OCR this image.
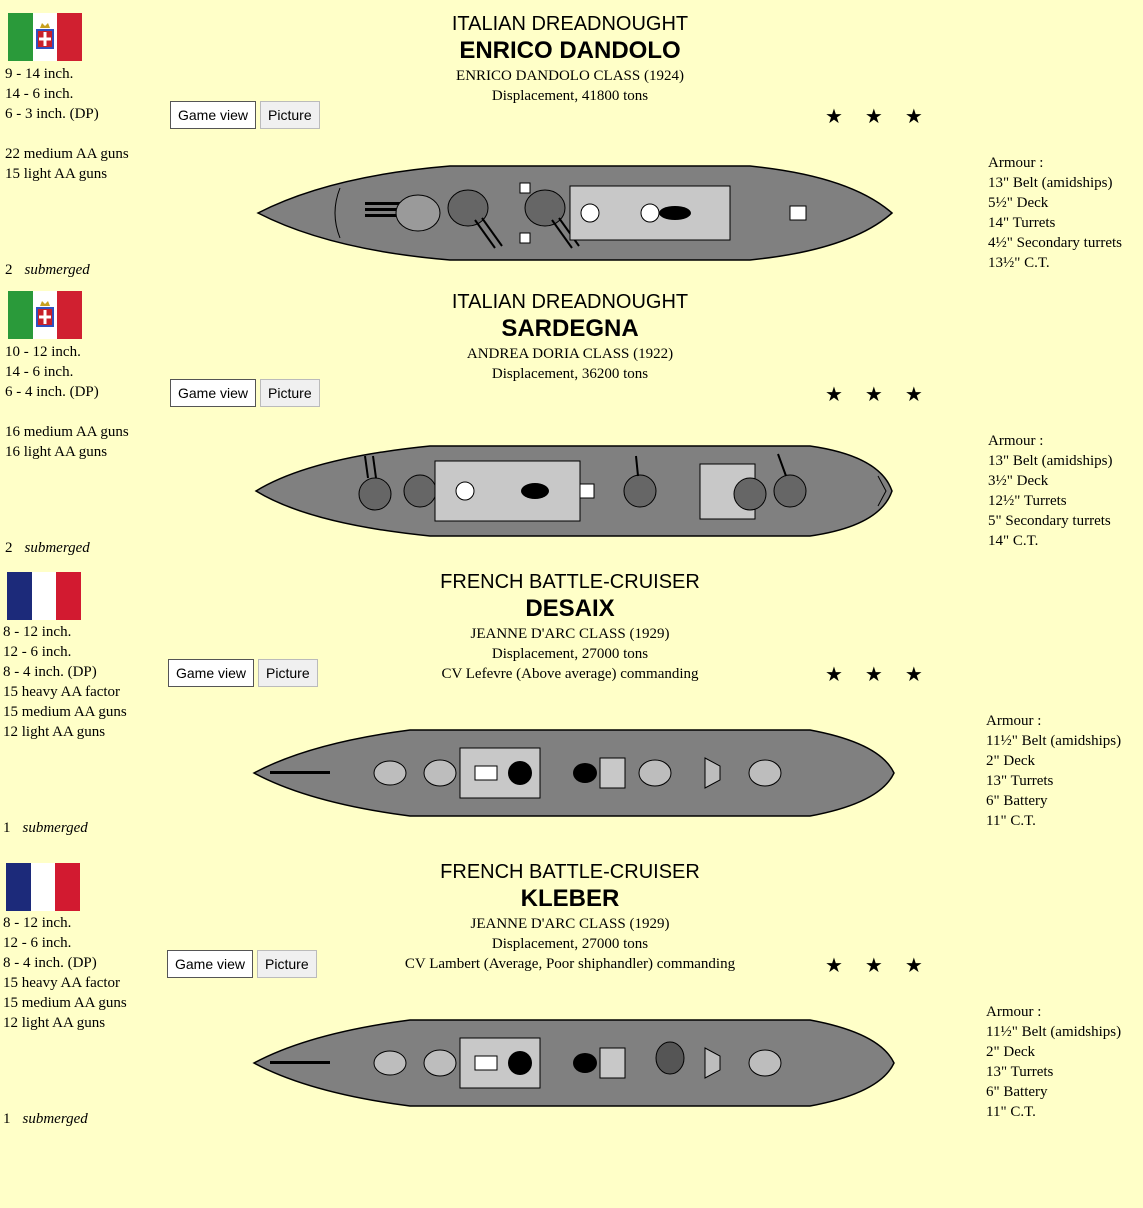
9 - 14 inch.
14 - 6 inch.
6 - 3 inch. (DP)
22 medium AA guns
15 light AA guns
2 submerged
Game view	Picture
ITALIAN DREADNOUGHT
ENRICO DANDOLO
ENRICO DANDOLO CLASS (1924)
Displacement, 41800 tons
★★★
Armour :
13" Belt (amidships)
5½" Deck
14" Turrets
4½" Secondary turrets
13½" C.T.
10 - 12 inch.
14 - 6 inch.
6 - 4 inch. (DP)
16 medium AA guns
16 light AA guns
2 submerged
Game view	Picture
ITALIAN DREADNOUGHT
SARDEGNA
ANDREA DORIA CLASS (1922)
Displacement, 36200 tons
★★★
Armour :
13" Belt (amidships)
3½" Deck
12½" Turrets
5" Secondary turrets
14" C.T.
8 - 12 inch.
12 - 6 inch.
8 - 4 inch. (DP)
15 heavy AA factor
15 medium AA guns
12 light AA guns
1 submerged
Game view	Picture
FRENCH BATTLE-CRUISER
DESAIX
JEANNE D'ARC CLASS (1929)
Displacement, 27000 tons
CV Lefevre (Above average) commanding	★★★
Armour :
11½" Belt (amidships)
2" Deck
13" Turrets
6" Battery
11" C.T.
8 - 12 inch.
12 - 6 inch.
8 - 4 inch. (DP)
15 heavy AA factor
15 medium AA guns
12 light AA guns
1 submerged
Game view	Picture
FRENCH BATTLE-CRUISER
KLEBER
JEANNE D'ARC CLASS (1929)
Displacement, 27000 tons
CV Lambert (Average, Poor shiphandler) commanding	★★★
Armour :
11½" Belt (amidships)
2" Deck
13" Turrets
6" Battery
11" C.T.
